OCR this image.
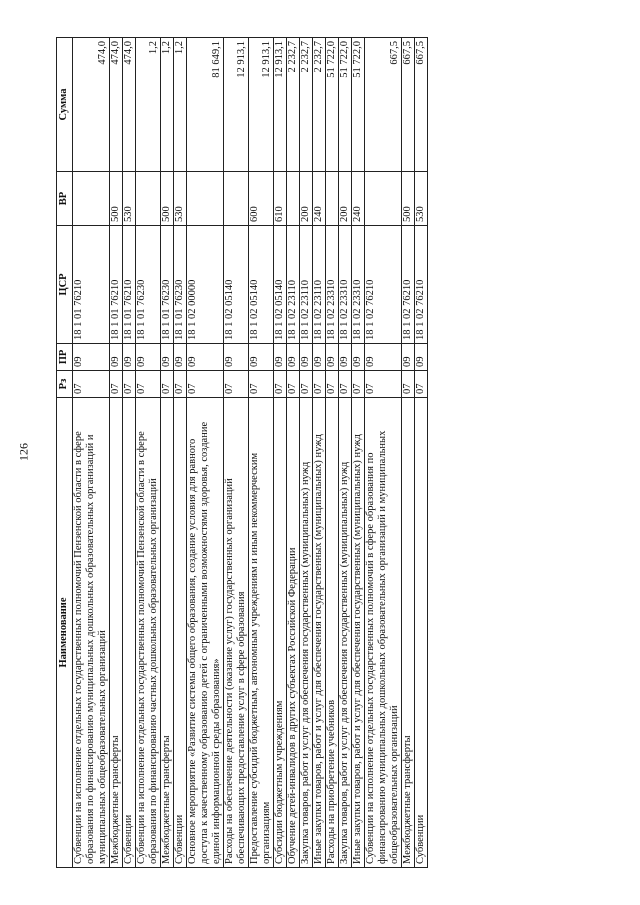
126
Наименование	Рз	ПР	ЦСР	ВР	Сумма
Субвенции на исполнение отдельных государственных полномочий Пензенской области в сфере образования по финансированию муниципальных дошкольных образовательных организаций и муниципальных общеобразовательных организаций	07	09	18 1 01 76210		474,0
Межбюджетные трансферты	07	09	18 1 01 76210	500	474,0
Субвенции	07	09	18 1 01 76210	530	474,0
Субвенции на исполнение отдельных государственных полномочий Пензенской области в сфере образования по финансированию частных дошкольных образовательных организаций	07	09	18 1 01 76230		1,2
Межбюджетные трансферты	07	09	18 1 01 76230	500	1,2
Субвенции	07	09	18 1 01 76230	530	1,2
Основное мероприятие «Развитие системы общего образования, создание условия для равного доступа к качественному образованию детей с ограниченными возможностями здоровья, создание единой информационной среды образования»	07	09	18 1 02 00000		81 649,1
Расходы на обеспечение деятельности (оказание услуг) государственных организаций обеспечивающих предоставление услуг в сфере образования	07	09	18 1 02 05140		12 913,1
Предоставление субсидий бюджетным, автономным учреждениям и иным некоммерческим организациям	07	09	18 1 02 05140	600	12 913,1
Субсидии бюджетным учреждениям	07	09	18 1 02 05140	610	12 913,1
Обучение детей-инвалидов в других субъектах Российской Федерации	07	09	18 1 02 23110		2 232,7
Закупка товаров, работ и услуг для обеспечения государственных (муниципальных) нужд	07	09	18 1 02 23110	200	2 232,7
Иные закупки товаров, работ и услуг для обеспечения государственных (муниципальных) нужд	07	09	18 1 02 23110	240	2 232,7
Расходы на приобретение учебников	07	09	18 1 02 23310		51 722,0
Закупка товаров, работ и услуг для обеспечения государственных (муниципальных) нужд	07	09	18 1 02 23310	200	51 722,0
Иные закупки товаров, работ и услуг для обеспечения государственных (муниципальных) нужд	07	09	18 1 02 23310	240	51 722,0
Субвенции на исполнение отдельных государственных полномочий в сфере образования по финансированию муниципальных дошкольных образовательных организаций и муниципальных общеобразовательных организаций	07	09	18 1 02 76210		667,5
Межбюджетные трансферты	07	09	18 1 02 76210	500	667,5
Субвенции	07	09	18 1 02 76210	530	667,5
